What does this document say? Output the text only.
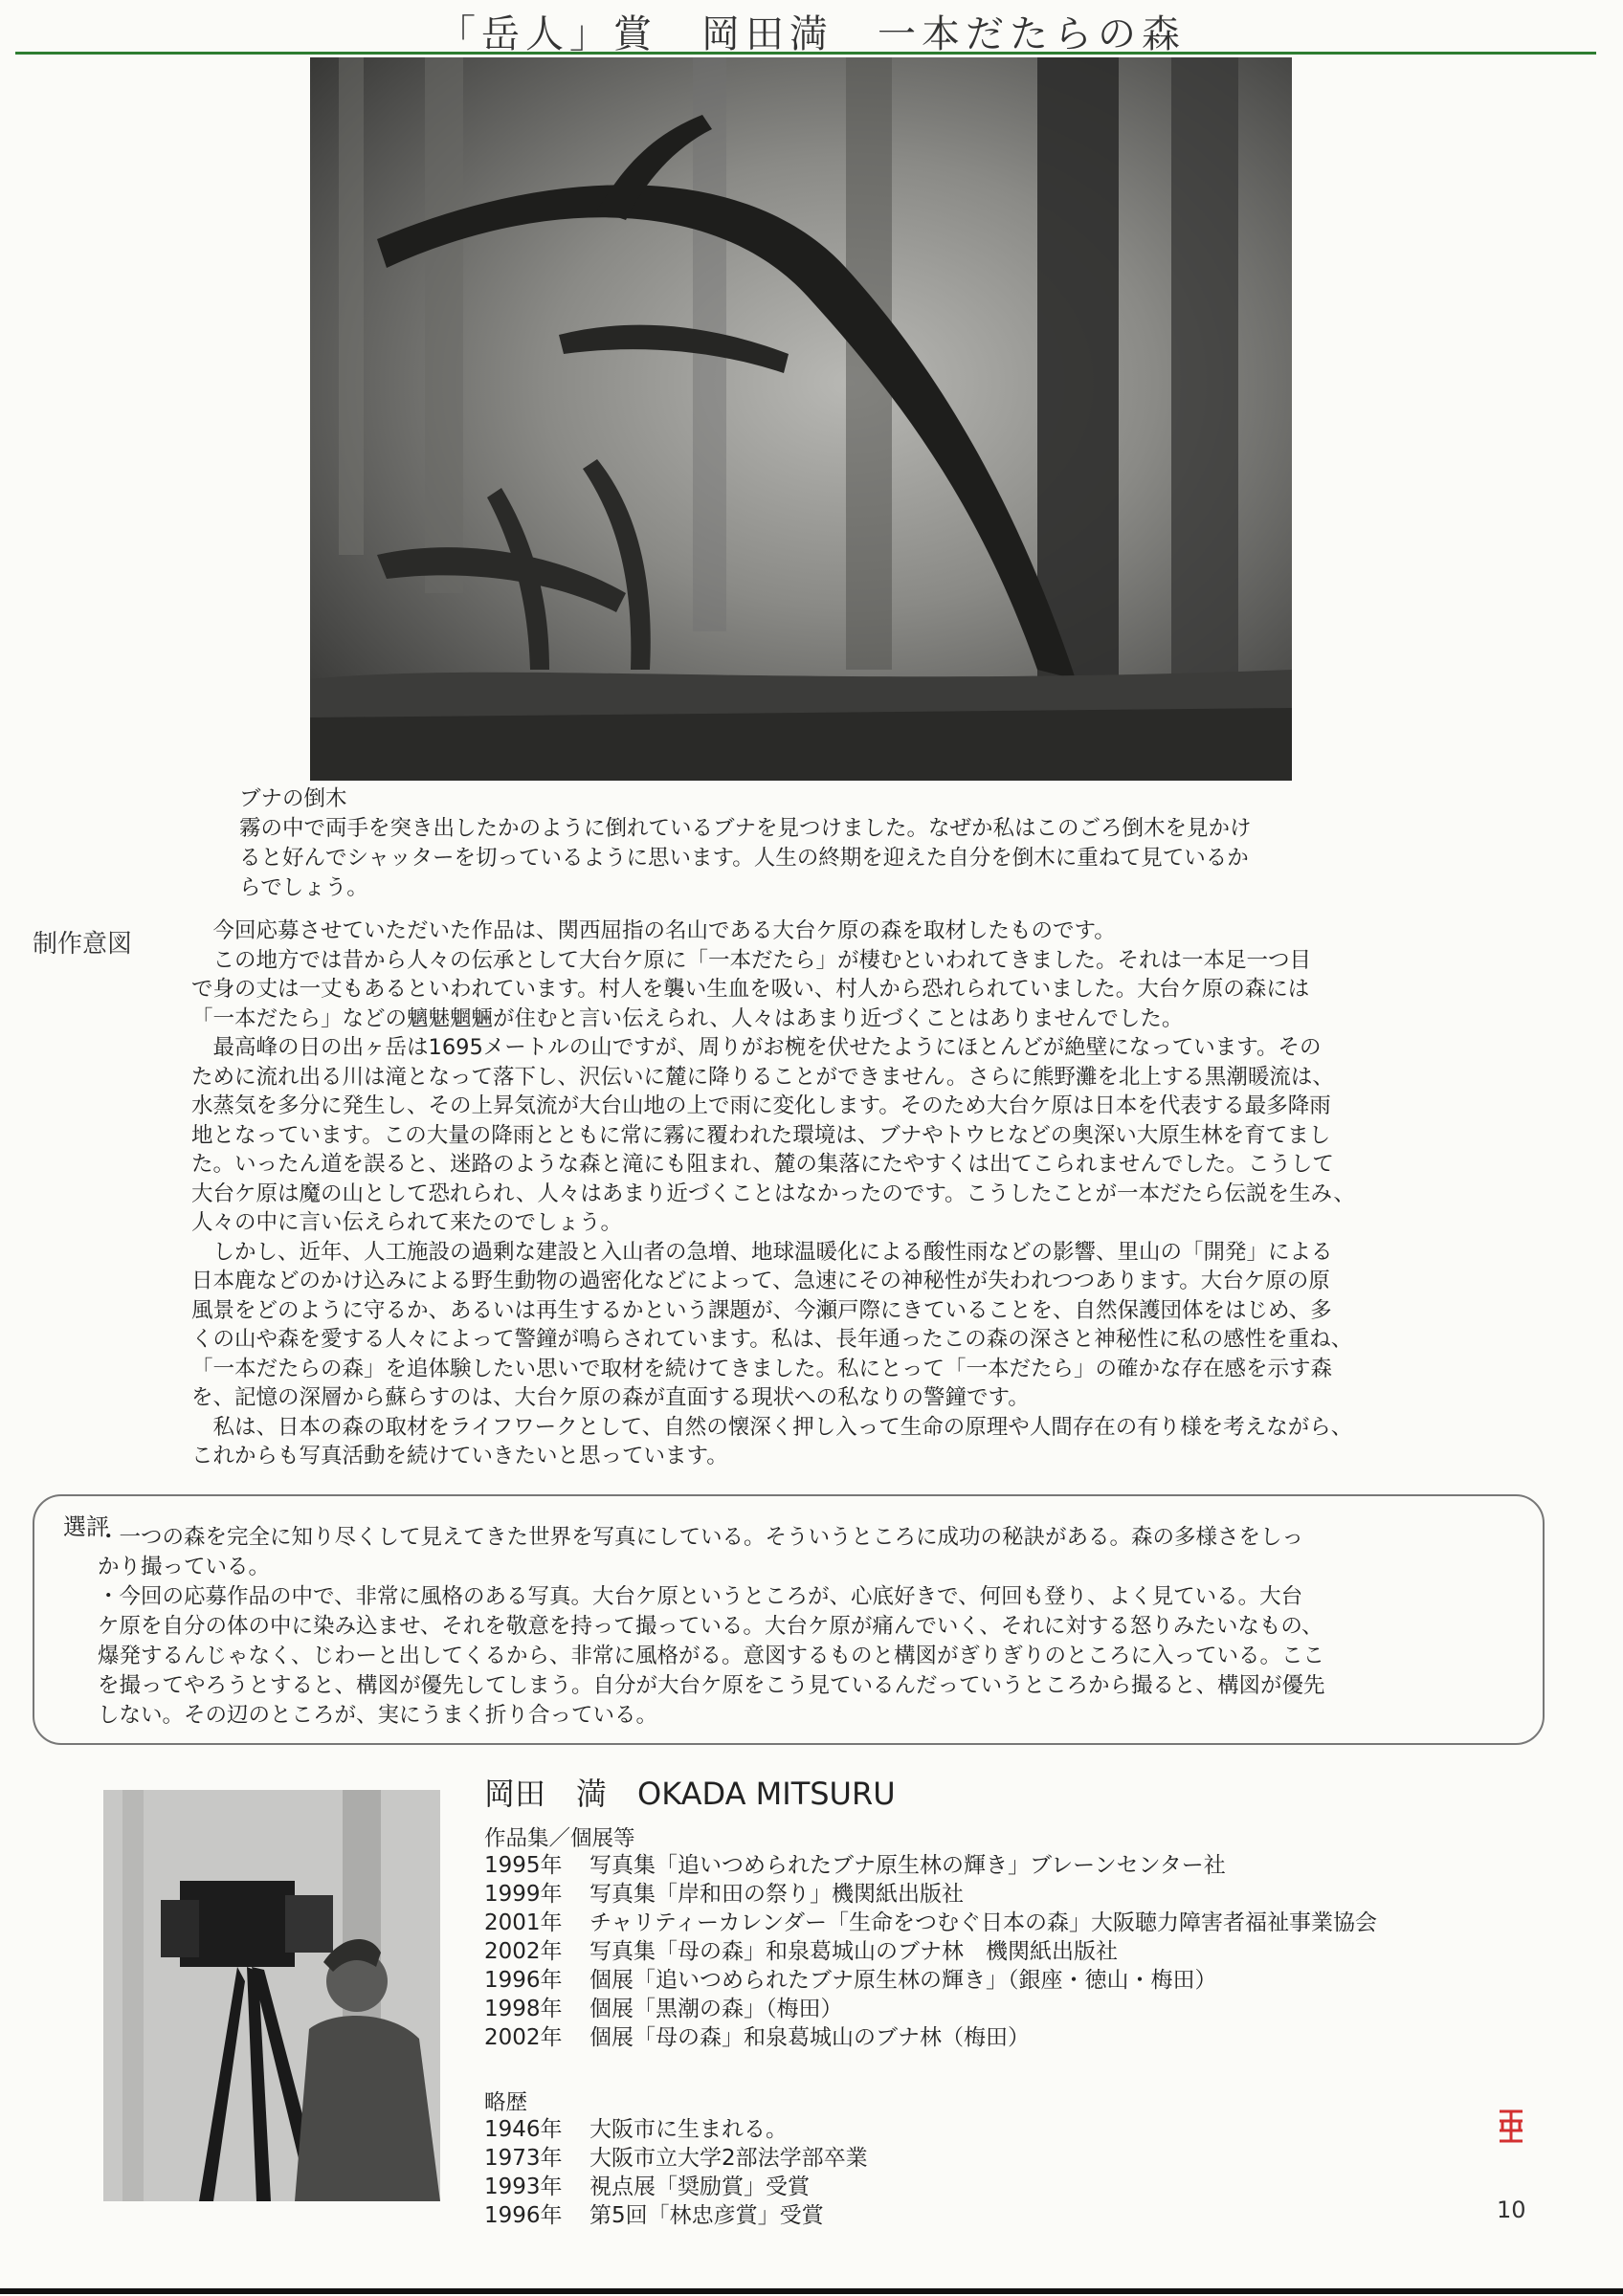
「岳人」賞　岡田満　一本だたらの森
ブナの倒木
霧の中で両手を突き出したかのように倒れているブナを見つけました。なぜか私はこのごろ倒木を見かけ
ると好んでシャッターを切っているように思います。人生の終期を迎えた自分を倒木に重ねて見ているか
らでしょう。
制作意図	　今回応募させていただいた作品は、関西屈指の名山である大台ケ原の森を取材したものです。
　この地方では昔から人々の伝承として大台ケ原に「一本だたら」が棲むといわれてきました。それは一本足一つ目
で身の丈は一丈もあるといわれています。村人を襲い生血を吸い、村人から恐れられていました。大台ケ原の森には
「一本だたら」などの魑魅魍魎が住むと言い伝えられ、人々はあまり近づくことはありませんでした。
　最高峰の日の出ヶ岳は1695メートルの山ですが、周りがお椀を伏せたようにほとんどが絶壁になっています。その
ために流れ出る川は滝となって落下し、沢伝いに麓に降りることができません。さらに熊野灘を北上する黒潮暖流は、
水蒸気を多分に発生し、その上昇気流が大台山地の上で雨に変化します。そのため大台ケ原は日本を代表する最多降雨
地となっています。この大量の降雨とともに常に霧に覆われた環境は、ブナやトウヒなどの奥深い大原生林を育てまし
た。いったん道を誤ると、迷路のような森と滝にも阻まれ、麓の集落にたやすくは出てこられませんでした。こうして
大台ケ原は魔の山として恐れられ、人々はあまり近づくことはなかったのです。こうしたことが一本だたら伝説を生み、
人々の中に言い伝えられて来たのでしょう。
　しかし、近年、人工施設の過剰な建設と入山者の急増、地球温暖化による酸性雨などの影響、里山の「開発」による
日本鹿などのかけ込みによる野生動物の過密化などによって、急速にその神秘性が失われつつあります。大台ケ原の原
風景をどのように守るか、あるいは再生するかという課題が、今瀬戸際にきていることを、自然保護団体をはじめ、多
くの山や森を愛する人々によって警鐘が鳴らされています。私は、長年通ったこの森の深さと神秘性に私の感性を重ね、
「一本だたらの森」を追体験したい思いで取材を続けてきました。私にとって「一本だたら」の確かな存在感を示す森
を、記憶の深層から蘇らすのは、大台ケ原の森が直面する現状への私なりの警鐘です。
　私は、日本の森の取材をライフワークとして、自然の懐深く押し入って生命の原理や人間存在の有り様を考えながら、
これからも写真活動を続けていきたいと思っています。
選評
・一つの森を完全に知り尽くして見えてきた世界を写真にしている。そういうところに成功の秘訣がある。森の多様さをしっ
かり撮っている。
・今回の応募作品の中で、非常に風格のある写真。大台ケ原というところが、心底好きで、何回も登り、よく見ている。大台
ケ原を自分の体の中に染み込ませ、それを敬意を持って撮っている。大台ケ原が痛んでいく、それに対する怒りみたいなもの、
爆発するんじゃなく、じわーと出してくるから、非常に風格がる。意図するものと構図がぎりぎりのところに入っている。ここ
を撮ってやろうとすると、構図が優先してしまう。自分が大台ケ原をこう見ているんだっていうところから撮ると、構図が優先
しない。その辺のところが、実にうまく折り合っている。
岡田　満　OKADA MITSURU
作品集／個展等
1995年 写真集「追いつめられたブナ原生林の輝き」ブレーンセンター社
1999年 写真集「岸和田の祭り」機関紙出版社
2001年 チャリティーカレンダー「生命をつむぐ日本の森」大阪聴力障害者福祉事業協会
2002年 写真集「母の森」和泉葛城山のブナ林　機関紙出版社
1996年 個展「追いつめられたブナ原生林の輝き」（銀座・徳山・梅田）
1998年 個展「黒潮の森」（梅田）
2002年 個展「母の森」和泉葛城山のブナ林（梅田）
略歴
1946年 大阪市に生まれる。
1973年 大阪市立大学2部法学部卒業
1993年 視点展「奨励賞」受賞
1996年 第5回「林忠彦賞」受賞	10
